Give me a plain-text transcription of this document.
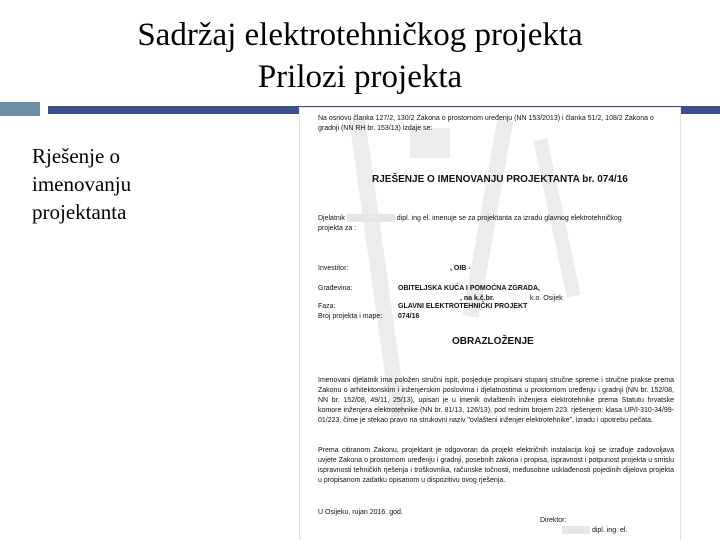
Sadržaj elektrotehničkog projekta
Prilozi projekta
Rješenje o imenovanju projektanta
Na osnovu članka 127/2, 130/2 Zakona o prostornom uređenju (NN 153/2013) i članka 51/2, 108/2 Zakona o gradnji (NN RH br. 153/13) izdaje se:
RJEŠENJE O IMENOVANJU PROJEKTANTA br. 074/16
Djelatnik	dipl. ing el. imenuje se za projektanta za izradu glavnog elektrotehničkog
projekta za :
Investitor:	, OIB -
Građevina:	OBITELJSKA KUĆA I POMOĆNA ZGRADA,
, na k.č.br.	k.o. Osijek
Faza:	GLAVNI ELEKTROTEHNIČKI PROJEKT
Broj projekta i mape: 074/16
OBRAZLOŽENJE
Imenovani djelatnik ima položen stručni ispit, posjeduje propisani stupanj stručne spreme i stručne prakse prema Zakonu o arhitektonskim i inženjerskim poslovima i djelatnostima u prostornom uređenju i gradnji (NN br. 152/08, NN br. 152/08, 49/11, 25/13), upisan je u imenik ovlaštenih inženjera elektrotehnike prema Statutu hrvatske komore inženjera elektrotehnike (NN br. 81/13, 126/13), pod rednim brojem 223. rješenjem: klasa UP/I-310-34/99-01/223, čime je stekao pravo na strukovni naziv "ovlašteni inženjer elektrotehnike", izradu i upotrebu pečata.
Prema citiranom Zakonu, projektant je odgovoran da projekt električnih instalacija koji se izrađuje zadovoljava uvjete Zakona o prostornom uređenju i gradnji, posebnih zakona i propisa, ispravnost i potpunost projekta u smislu ispravnosti tehničkih rješenja i troškovnika, računske točnosti, međusobne usklađenosti pojedinih dijelova projekta u propisanom zadatku opisanom u dispozitivu ovog rješenja.
U Osijeku, rujan 2016. god.
Direktor:
dipl. ing. el.
